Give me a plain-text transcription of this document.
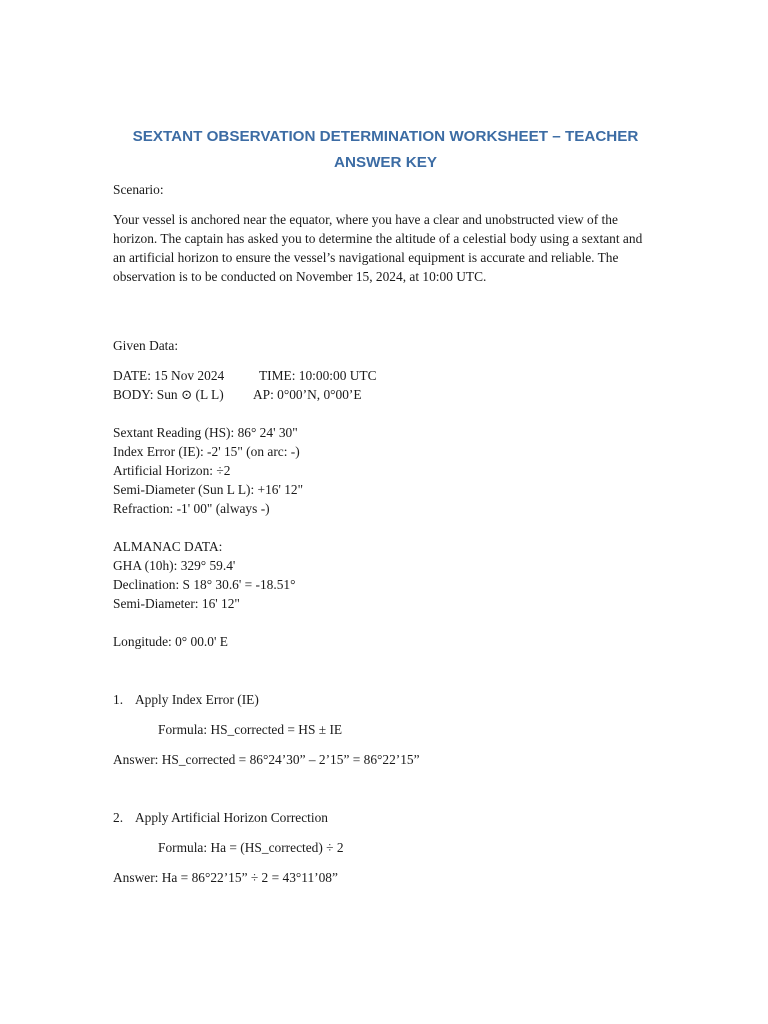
SEXTANT OBSERVATION DETERMINATION WORKSHEET – TEACHER ANSWER KEY

Scenario:

Your vessel is anchored near the equator, where you have a clear and unobstructed view of the horizon. The captain has asked you to determine the altitude of a celestial body using a sextant and an artificial horizon to ensure the vessel’s navigational equipment is accurate and reliable. The observation is to be conducted on November 15, 2024, at 10:00 UTC.

Given Data:

DATE: 15 Nov 2024	TIME: 10:00:00 UTC

BODY: Sun ⊙ (L L) AP: 0°00’N, 0°00’E

Sextant Reading (HS): 86° 24' 30"

Index Error (IE): -2' 15" (on arc: -)

Artificial Horizon: ÷2

Semi-Diameter (Sun L L): +16' 12"

Refraction: -1' 00" (always -)

ALMANAC DATA:

GHA (10h): 329° 59.4'

Declination: S 18° 30.6' = -18.51°

Semi-Diameter: 16' 12"

Longitude: 0° 00.0' E

1. Apply Index Error (IE)

Formula: HS_corrected = HS ± IE

Answer: HS_corrected = 86°24’30” – 2’15” = 86°22’15”

2. Apply Artificial Horizon Correction

Formula: Ha = (HS_corrected) ÷ 2

Answer: Ha = 86°22’15” ÷ 2 = 43°11’08”
